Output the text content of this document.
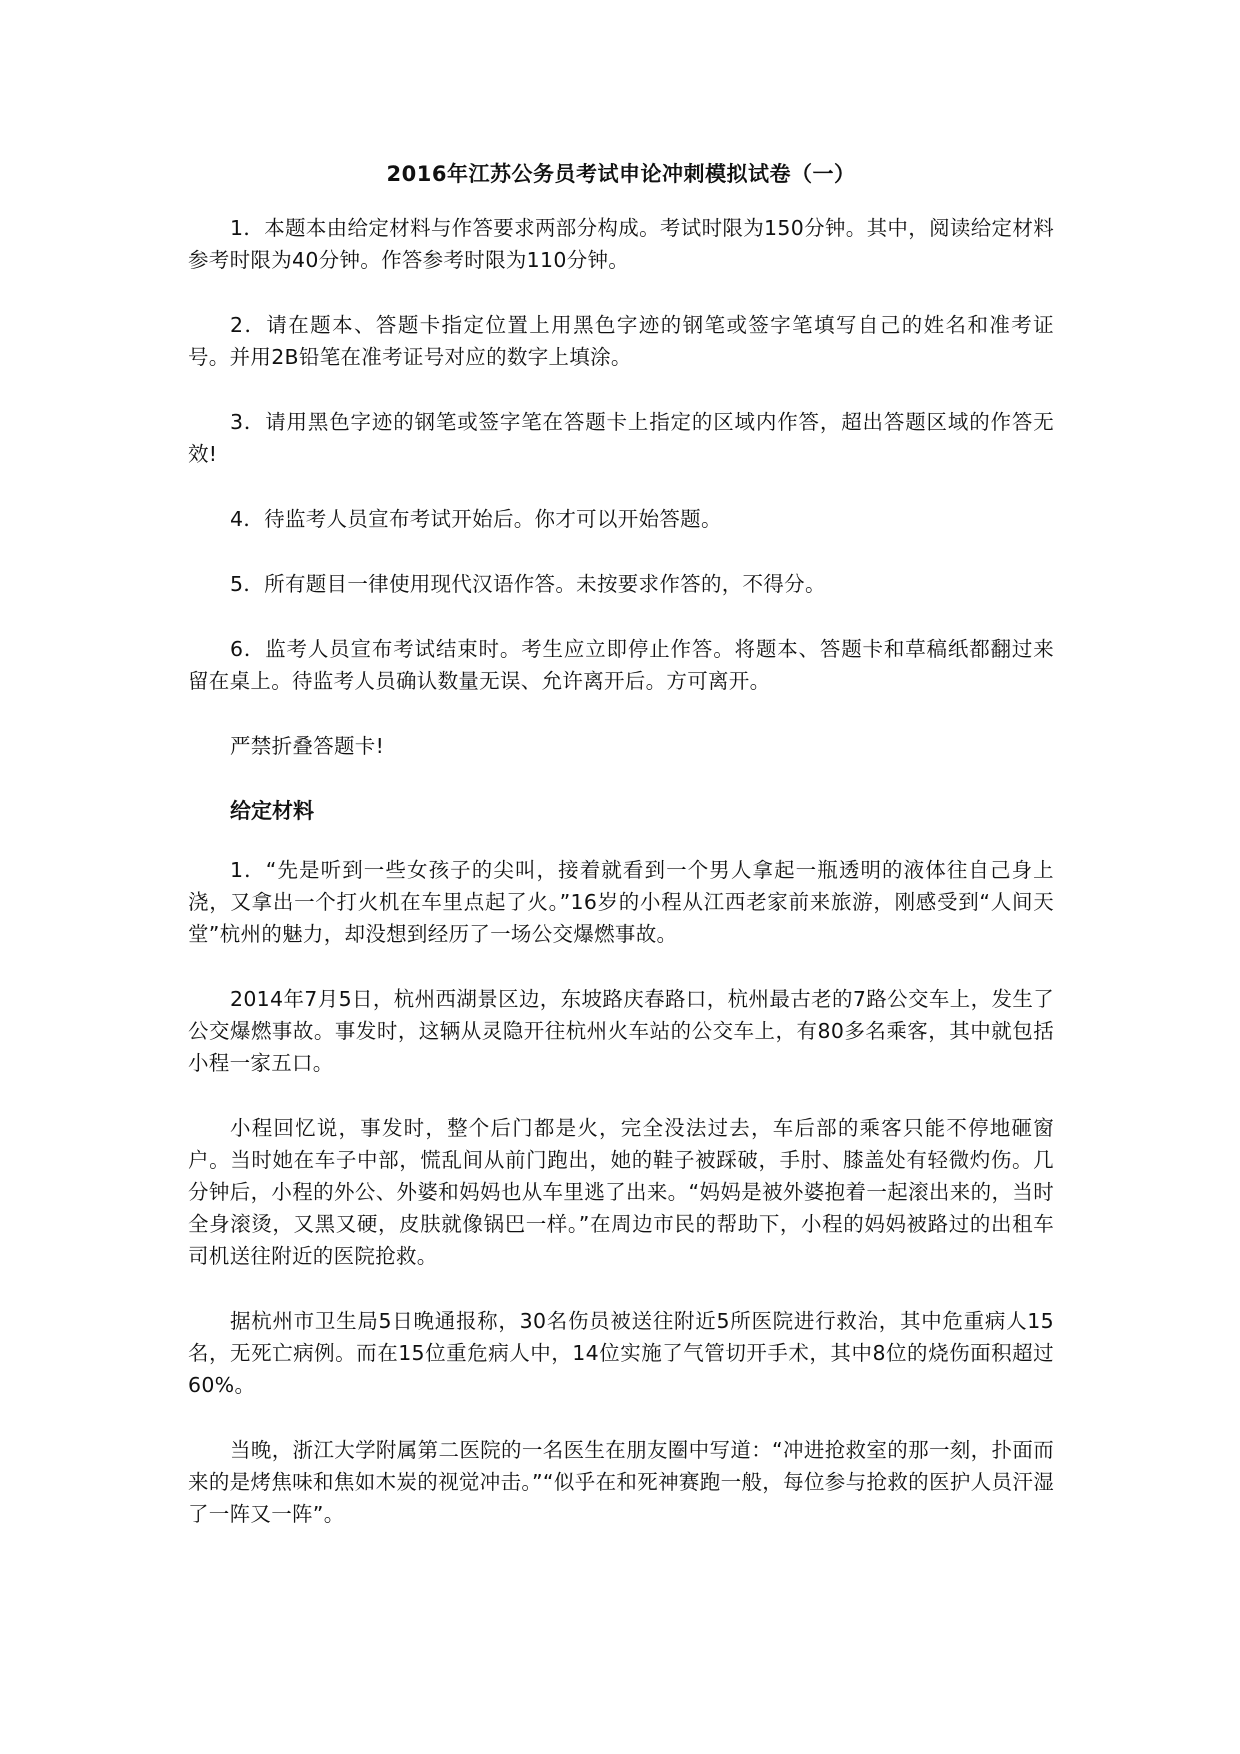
2016年江苏公务员考试申论冲刺模拟试卷（一）

1．本题本由给定材料与作答要求两部分构成。考试时限为150分钟。其中，阅读给定材料参考时限为40分钟。作答参考时限为110分钟。

2．请在题本、答题卡指定位置上用黑色字迹的钢笔或签字笔填写自己的姓名和准考证号。并用2B铅笔在准考证号对应的数字上填涂。

3．请用黑色字迹的钢笔或签字笔在答题卡上指定的区域内作答，超出答题区域的作答无效!

4．待监考人员宣布考试开始后。你才可以开始答题。

5．所有题目一律使用现代汉语作答。未按要求作答的，不得分。

6．监考人员宣布考试结束时。考生应立即停止作答。将题本、答题卡和草稿纸都翻过来留在桌上。待监考人员确认数量无误、允许离开后。方可离开。

严禁折叠答题卡!

给定材料

1．“先是听到一些女孩子的尖叫，接着就看到一个男人拿起一瓶透明的液体往自己身上浇，又拿出一个打火机在车里点起了火。”16岁的小程从江西老家前来旅游，刚感受到“人间天堂”杭州的魅力，却没想到经历了一场公交爆燃事故。

2014年7月5日，杭州西湖景区边，东坡路庆春路口，杭州最古老的7路公交车上，发生了公交爆燃事故。事发时，这辆从灵隐开往杭州火车站的公交车上，有80多名乘客，其中就包括小程一家五口。

小程回忆说，事发时，整个后门都是火，完全没法过去，车后部的乘客只能不停地砸窗户。当时她在车子中部，慌乱间从前门跑出，她的鞋子被踩破，手肘、膝盖处有轻微灼伤。几分钟后，小程的外公、外婆和妈妈也从车里逃了出来。“妈妈是被外婆抱着一起滚出来的，当时全身滚烫，又黑又硬，皮肤就像锅巴一样。”在周边市民的帮助下，小程的妈妈被路过的出租车司机送往附近的医院抢救。

据杭州市卫生局5日晚通报称，30名伤员被送往附近5所医院进行救治，其中危重病人15名，无死亡病例。而在15位重危病人中，14位实施了气管切开手术，其中8位的烧伤面积超过60%。

当晚，浙江大学附属第二医院的一名医生在朋友圈中写道：“冲进抢救室的那一刻，扑面而来的是烤焦味和焦如木炭的视觉冲击。”“似乎在和死神赛跑一般，每位参与抢救的医护人员汗湿了一阵又一阵”。
